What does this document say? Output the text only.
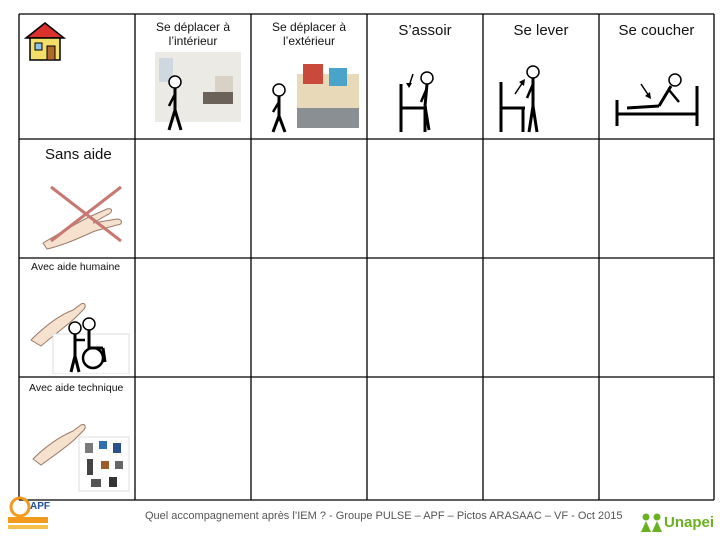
Se déplacer à l’intérieur
Se déplacer à l’extérieur
S’assoir	Se lever	Se coucher
Sans aide
Avec aide humaine
Avec aide technique
Quel accompagnement après l’IEM ? - Groupe PULSE – APF – Pictos ARASAAC – VF - Oct 2015
APF
Unapei
